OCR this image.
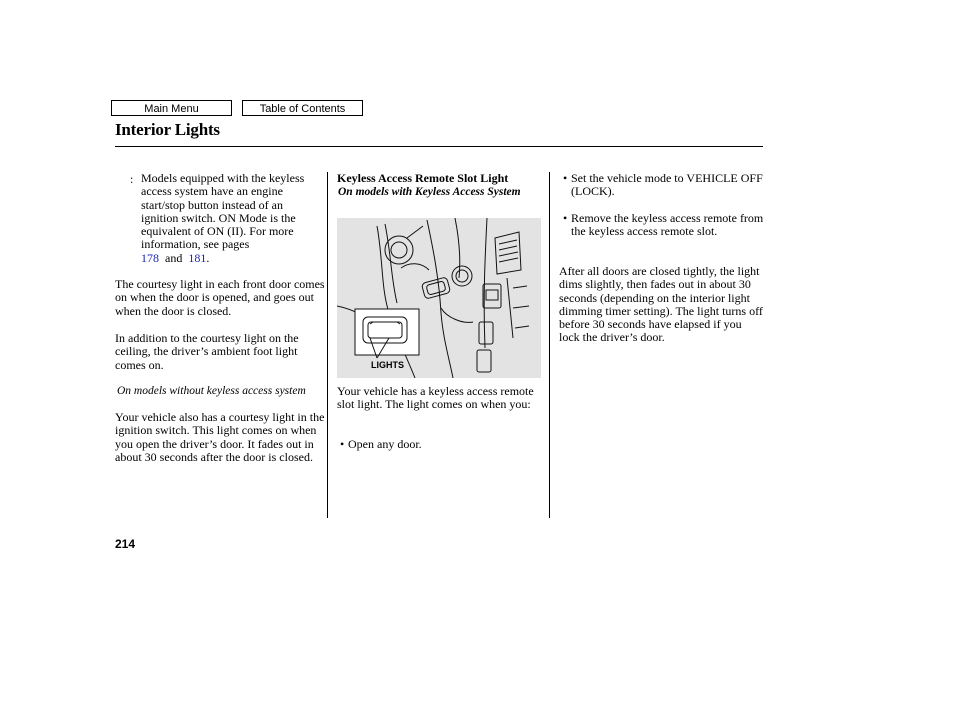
Main Menu	Table of Contents
Interior Lights
: Models equipped with the keyless access system have an engine start/stop button instead of an ignition switch. ON Mode is the equivalent of ON (II). For more information, see pages
178 and 181.
The courtesy light in each front door comes on when the door is opened, and goes out when the door is closed.
In addition to the courtesy light on the ceiling, the driver’s ambient foot light comes on.
On models without keyless access system
Your vehicle also has a courtesy light in the ignition switch. This light comes on when you open the driver’s door. It fades out in about 30 seconds after the door is closed.
Keyless Access Remote Slot Light
On models with Keyless Access System
LIGHTS
Your vehicle has a keyless access remote slot light. The light comes on when you:
• Open any door.
• Set the vehicle mode to VEHICLE OFF (LOCK).
• Remove the keyless access remote from the keyless access remote slot.
After all doors are closed tightly, the light dims slightly, then fades out in about 30 seconds (depending on the interior light dimming timer setting). The light turns off before 30 seconds have elapsed if you lock the driver’s door.
214
